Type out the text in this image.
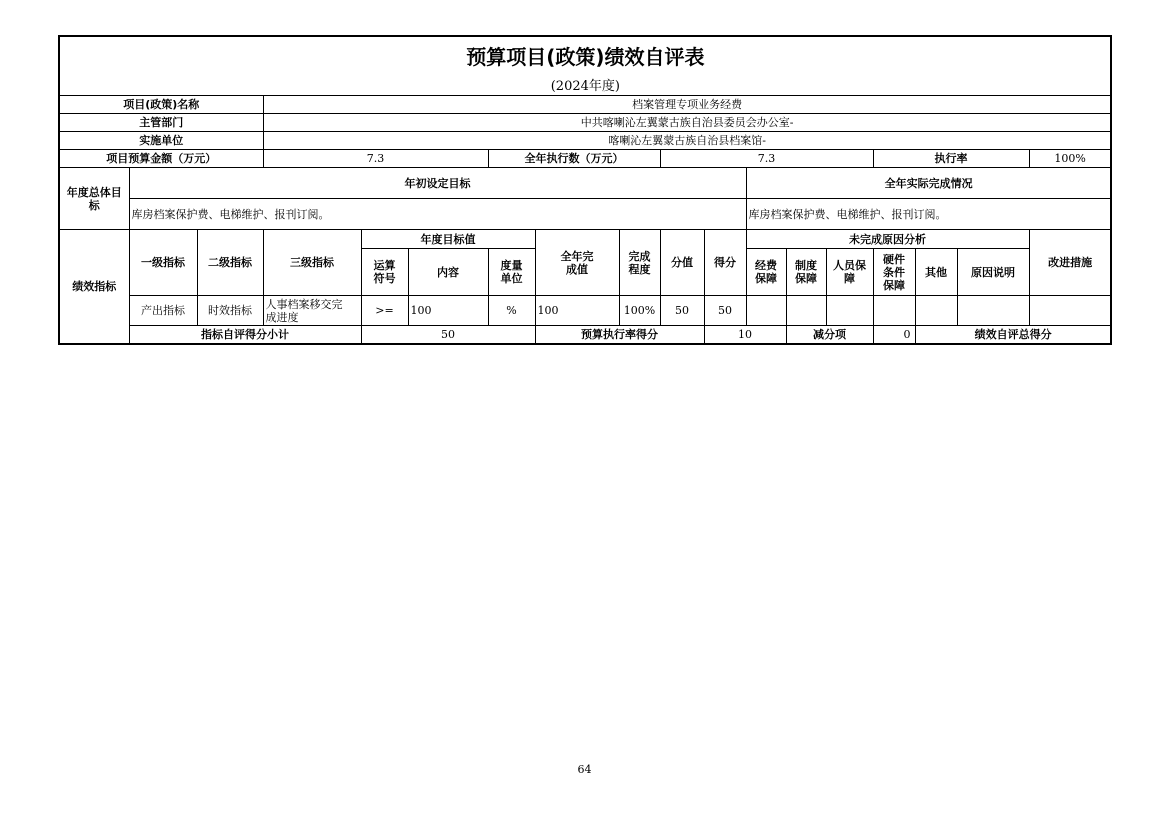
预算项目(政策)绩效自评表																		
(2024年度)																		
项目(政策)名称			档案管理专项业务经费															
主管部门			中共喀喇沁左翼蒙古族自治县委员会办公室-															
实施单位			喀喇沁左翼蒙古族自治县档案馆-															
项目预算金额（万元）			7.3			全年执行数（万元）			7.3					执行率			100%	
年度总体目标	年初设定目标										全年实际完成情况							
	库房档案保护费、电梯维护、报刊订阅。										库房档案保护费、电梯维护、报刊订阅。							
绩效指标	一级指标	二级指标	三级指标	年度目标值			全年完成值	完成程度	分值	得分	未完成原因分析						改进措施	
				运算符号	内容	度量单位					经费保障	制度保障	人员保障	硬件条件保障	其他	原因说明		
	产出指标	时效指标	人事档案移交完成进度	>=	100	%	100	100%	50	50								
	指标自评得分小计			50			预算执行率得分			10		减分项		0	绩效自评总得分	
64
